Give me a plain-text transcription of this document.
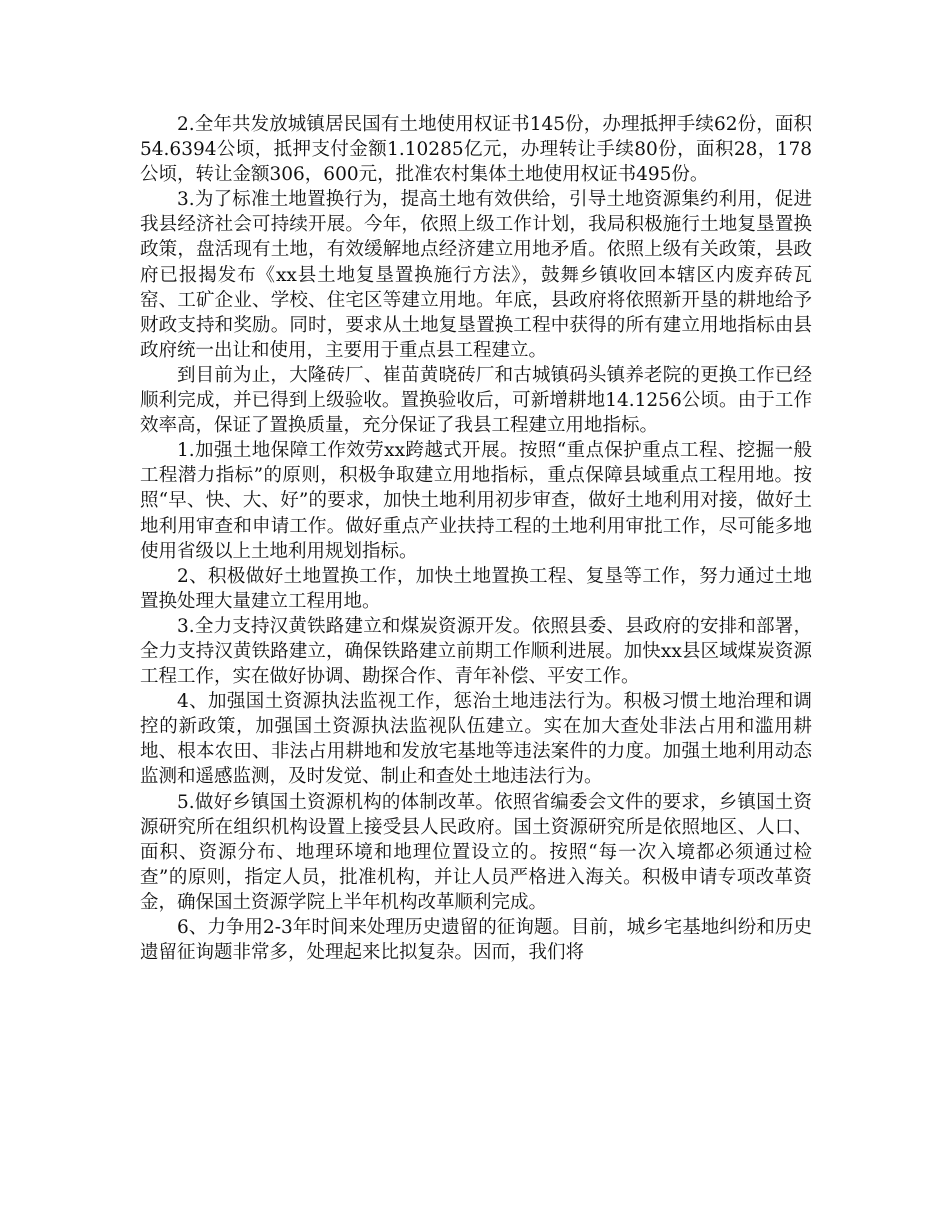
2.全年共发放城镇居民国有土地使用权证书145份，办理抵押手续62份，面积54.6394公顷，抵押支付金额1.10285亿元，办理转让手续80份，面积28，178公顷，转让金额306，600元，批准农村集体土地使用权证书495份。

3.为了标准土地置换行为，提高土地有效供给，引导土地资源集约利用，促进我县经济社会可持续开展。今年，依照上级工作计划，我局积极施行土地复垦置换政策，盘活现有土地，有效缓解地点经济建立用地矛盾。依照上级有关政策，县政府已报揭发布《xx县土地复垦置换施行方法》，鼓舞乡镇收回本辖区内废弃砖瓦窑、工矿企业、学校、住宅区等建立用地。年底，县政府将依照新开垦的耕地给予财政支持和奖励。同时，要求从土地复垦置换工程中获得的所有建立用地指标由县政府统一出让和使用，主要用于重点县工程建立。

到目前为止，大隆砖厂、崔苗黄晓砖厂和古城镇码头镇养老院的更换工作已经顺利完成，并已得到上级验收。置换验收后，可新增耕地14.1256公顷。由于工作效率高，保证了置换质量，充分保证了我县工程建立用地指标。

1.加强土地保障工作效劳xx跨越式开展。按照“重点保护重点工程、挖掘一般工程潜力指标”的原则，积极争取建立用地指标，重点保障县域重点工程用地。按照“早、快、大、好”的要求，加快土地利用初步审查，做好土地利用对接，做好土地利用审查和申请工作。做好重点产业扶持工程的土地利用审批工作，尽可能多地使用省级以上土地利用规划指标。

2、积极做好土地置换工作，加快土地置换工程、复垦等工作，努力通过土地置换处理大量建立工程用地。

3.全力支持汉黄铁路建立和煤炭资源开发。依照县委、县政府的安排和部署，全力支持汉黄铁路建立，确保铁路建立前期工作顺利进展。加快xx县区域煤炭资源工程工作，实在做好协调、勘探合作、青年补偿、平安工作。

4、加强国土资源执法监视工作，惩治土地违法行为。积极习惯土地治理和调控的新政策，加强国土资源执法监视队伍建立。实在加大查处非法占用和滥用耕地、根本农田、非法占用耕地和发放宅基地等违法案件的力度。加强土地利用动态监测和遥感监测，及时发觉、制止和查处土地违法行为。

5.做好乡镇国土资源机构的体制改革。依照省编委会文件的要求，乡镇国土资源研究所在组织机构设置上接受县人民政府。国土资源研究所是依照地区、人口、面积、资源分布、地理环境和地理位置设立的。按照“每一次入境都必须通过检查”的原则，指定人员，批准机构，并让人员严格进入海关。积极申请专项改革资金，确保国土资源学院上半年机构改革顺利完成。

6、力争用2-3年时间来处理历史遗留的征询题。目前，城乡宅基地纠纷和历史遗留征询题非常多，处理起来比拟复杂。因而，我们将
